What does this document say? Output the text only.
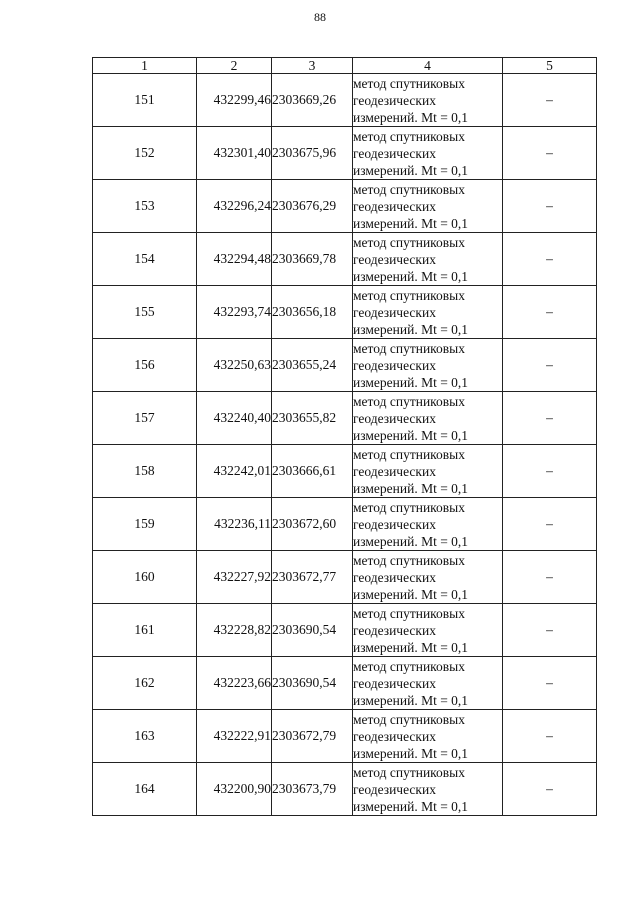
88
1	2	3	4	5
151	432299,46	2303669,26	метод спутниковых
геодезических
измерений. Mt = 0,1	–
152	432301,40	2303675,96	метод спутниковых
геодезических
измерений. Mt = 0,1	–
153	432296,24	2303676,29	метод спутниковых
геодезических
измерений. Mt = 0,1	–
154	432294,48	2303669,78	метод спутниковых
геодезических
измерений. Mt = 0,1	–
155	432293,74	2303656,18	метод спутниковых
геодезических
измерений. Mt = 0,1	–
156	432250,63	2303655,24	метод спутниковых
геодезических
измерений. Mt = 0,1	–
157	432240,40	2303655,82	метод спутниковых
геодезических
измерений. Mt = 0,1	–
158	432242,01	2303666,61	метод спутниковых
геодезических
измерений. Mt = 0,1	–
159	432236,11	2303672,60	метод спутниковых
геодезических
измерений. Mt = 0,1	–
160	432227,92	2303672,77	метод спутниковых
геодезических
измерений. Mt = 0,1	–
161	432228,82	2303690,54	метод спутниковых
геодезических
измерений. Mt = 0,1	–
162	432223,66	2303690,54	метод спутниковых
геодезических
измерений. Mt = 0,1	–
163	432222,91	2303672,79	метод спутниковых
геодезических
измерений. Mt = 0,1	–
164	432200,90	2303673,79	метод спутниковых
геодезических
измерений. Mt = 0,1	–
